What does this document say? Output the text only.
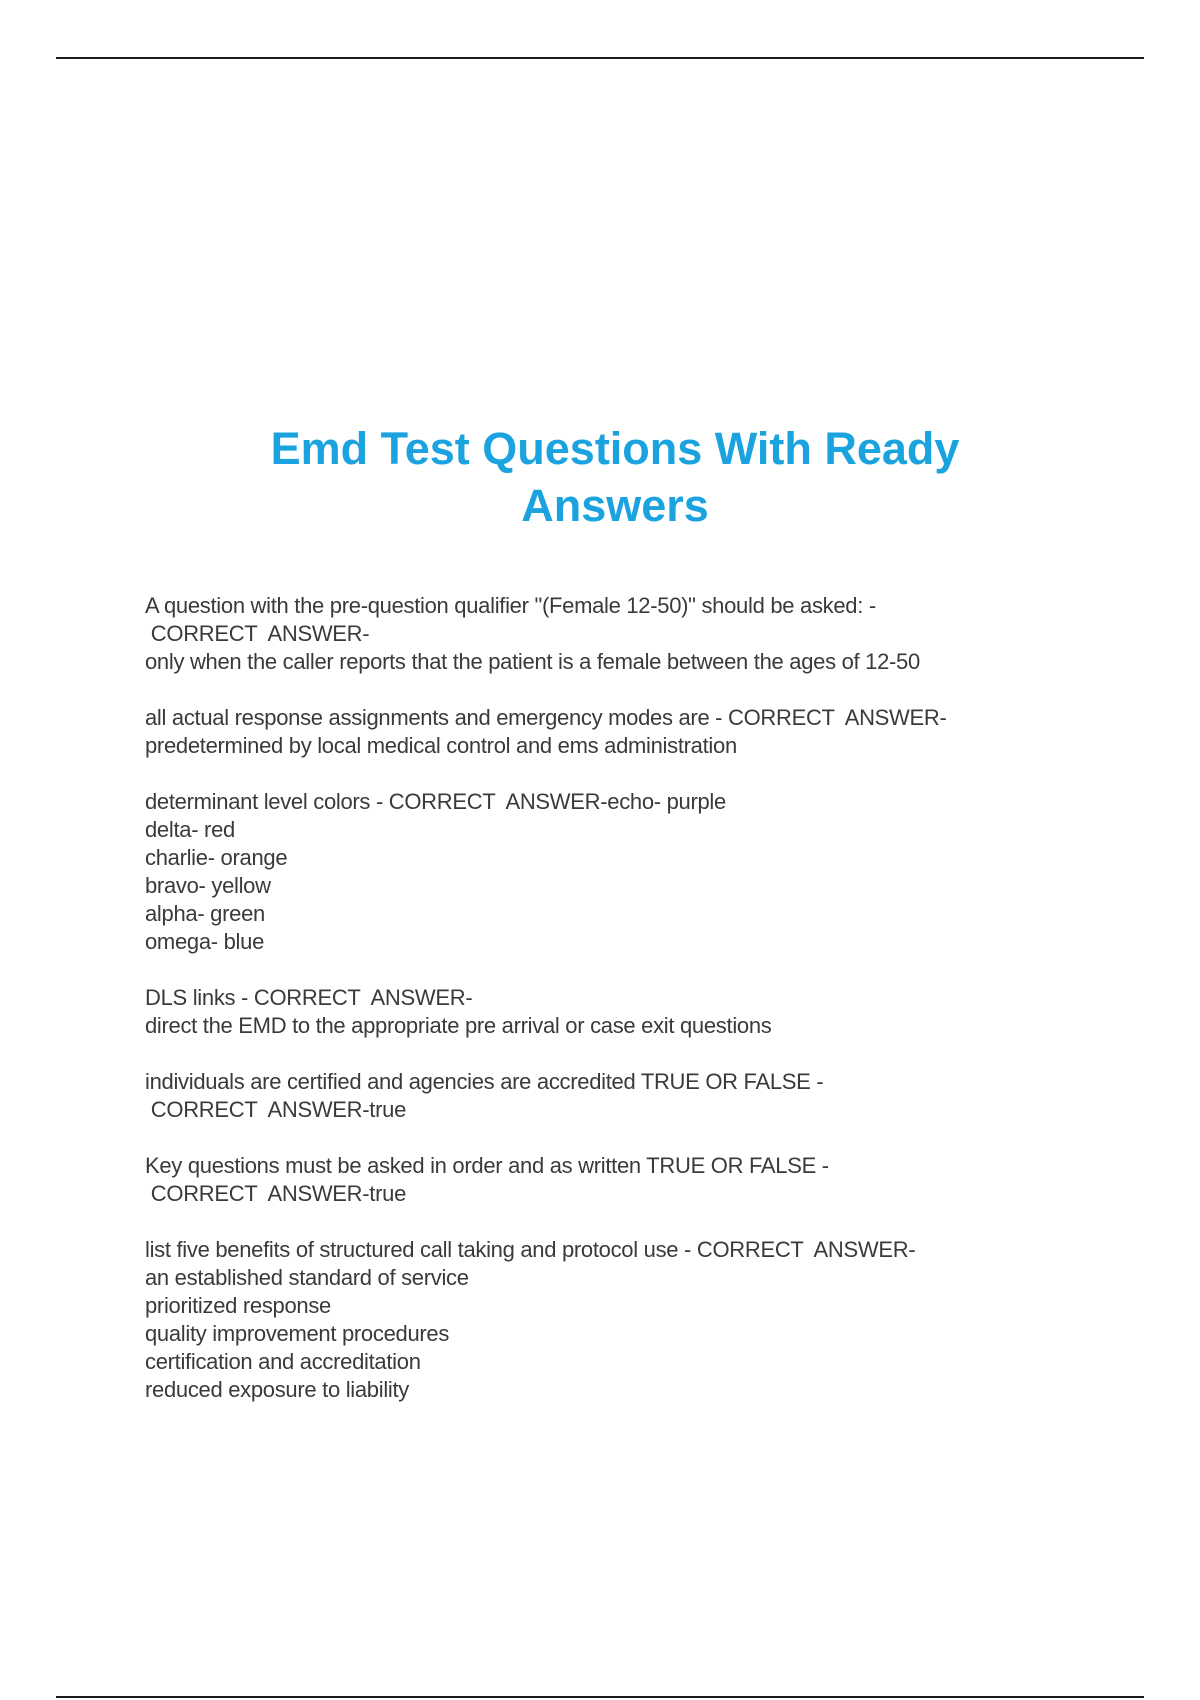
Emd Test Questions With Ready
Answers
A question with the pre-question qualifier "(Female 12-50)" should be asked: -
CORRECT  ANSWER-
only when the caller reports that the patient is a female between the ages of 12-50
all actual response assignments and emergency modes are - CORRECT  ANSWER-
predetermined by local medical control and ems administration
determinant level colors - CORRECT  ANSWER-echo- purple
delta- red
charlie- orange
bravo- yellow
alpha- green
omega- blue
DLS links - CORRECT  ANSWER-
direct the EMD to the appropriate pre arrival or case exit questions
individuals are certified and agencies are accredited TRUE OR FALSE -
CORRECT  ANSWER-true
Key questions must be asked in order and as written TRUE OR FALSE -
CORRECT  ANSWER-true
list five benefits of structured call taking and protocol use - CORRECT  ANSWER-
an established standard of service
prioritized response
quality improvement procedures
certification and accreditation
reduced exposure to liability
